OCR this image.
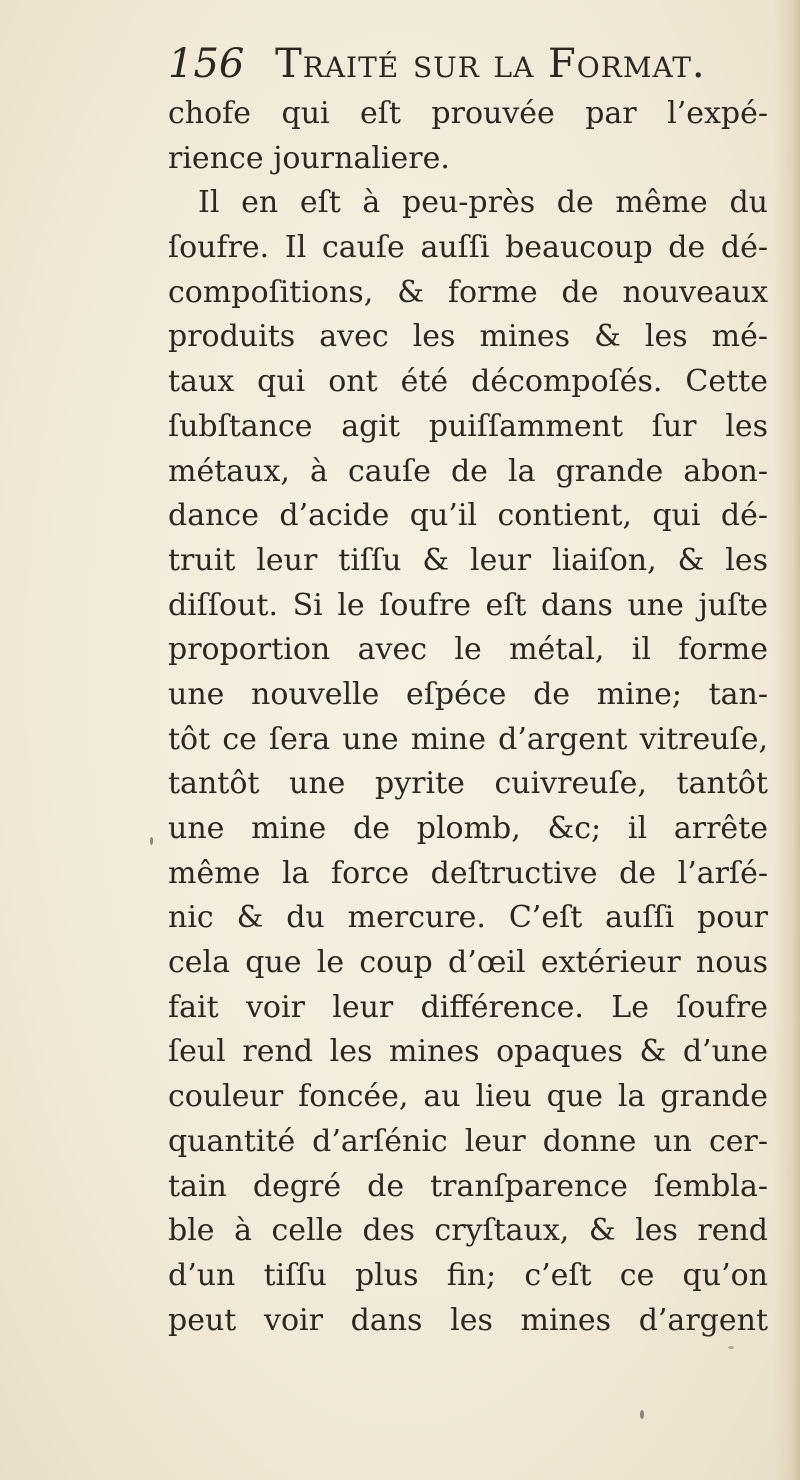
156 Traité sur la Format.
chofe qui eſt prouvée par l’expé-
rience journaliere.
Il en eſt à peu-près de même du
ſoufre. Il cauſe auſſi beaucoup de dé-
compoſitions, & forme de nouveaux
produits avec les mines & les mé-
taux qui ont été décompoſés. Cette
ſubſtance agit puiſſamment ſur les
métaux, à cauſe de la grande abon-
dance d’acide qu’il contient, qui dé-
truit leur tiſſu & leur liaiſon, & les
diſſout. Si le ſoufre eſt dans une juſte
proportion avec le métal, il forme
une nouvelle eſpéce de mine; tan-
tôt ce ſera une mine d’argent vitreuſe,
tantôt une pyrite cuivreuſe, tantôt
une mine de plomb, &c; il arrête
même la force deſtructive de l’arſé-
nic & du mercure. C’eſt auſſi pour
cela que le coup d’œil extérieur nous
fait voir leur différence. Le ſoufre
ſeul rend les mines opaques & d’une
couleur foncée, au lieu que la grande
quantité d’arſénic leur donne un cer-
tain degré de tranſparence ſembla-
ble à celle des cryſtaux, & les rend
d’un tiſſu plus fin; c’eſt ce qu’on
peut voir dans les mines d’argent
